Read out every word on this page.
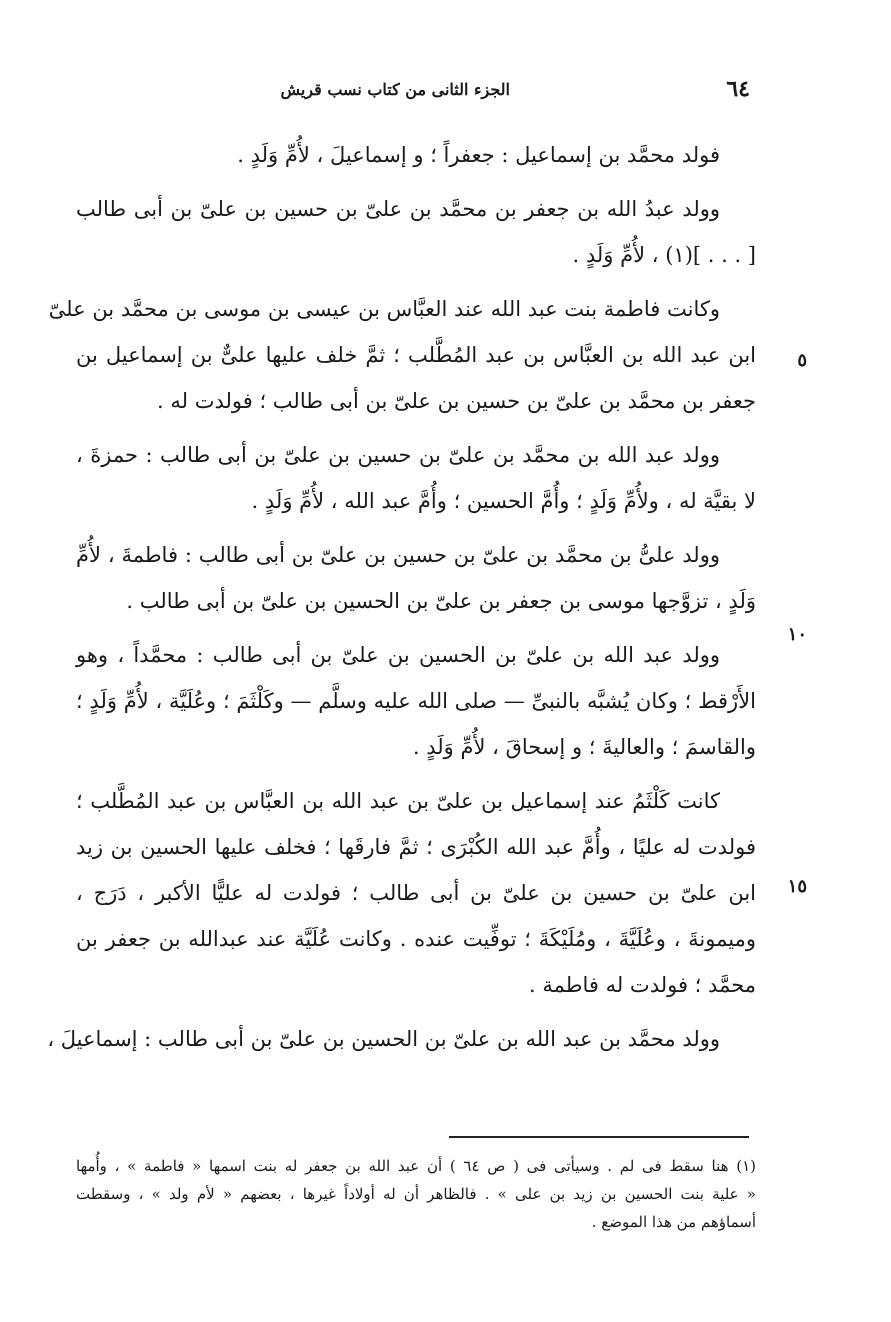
٦٤
الجزء الثانى من كتاب نسب قريش
٥
١٠
١٥

فولد محمَّد بن إسماعيل : جعفراً ؛ و إسماعيلَ ، لأُمِّ وَلَدٍ .

وولد عبدُ الله بن جعفر بن محمَّد بن علىّ بن حسين بن علىّ بن أبى طالب
[ . . . ](١) ، لأُمِّ وَلَدٍ .

وكانت فاطمة بنت عبد الله عند العبَّاس بن عيسى بن موسى بن محمَّد بن علىّ
ابن عبد الله بن العبَّاس بن عبد المُطَّلب ؛ ثمَّ خلف عليها علىٌّ بن إسماعيل بن
جعفر بن محمَّد بن علىّ بن حسين بن علىّ بن أبى طالب ؛ فولدت له .

وولد عبد الله بن محمَّد بن علىّ بن حسين بن علىّ بن أبى طالب : حمزةَ ،
لا بقيَّة له ، ولأُمِّ وَلَدٍ ؛ وأُمَّ الحسين ؛ وأُمَّ عبد الله ، لأُمِّ وَلَدٍ .

وولد علىُّ بن محمَّد بن علىّ بن حسين بن علىّ بن أبى طالب : فاطمةَ ، لأُمِّ
وَلَدٍ ، تزوَّجها موسى بن جعفر بن علىّ بن الحسين بن علىّ بن أبى طالب .

وولد عبد الله بن علىّ بن الحسين بن علىّ بن أبى طالب : محمَّداً ، وهو
الأَرْقط ؛ وكان يُشبَّه بالنبىِّ — صلى الله عليه وسلَّم — وكَلْثَمَ ؛ وعُلَيَّة ، لأُمِّ وَلَدٍ ؛
والقاسمَ ؛ والعاليةَ ؛ و إسحاقَ ، لأُمِّ وَلَدٍ .

كانت كَلْثَمُ عند إسماعيل بن علىّ بن عبد الله بن العبَّاس بن عبد المُطَّلب ؛
فولدت له عليًا ، وأُمَّ عبد الله الكُبْرَى ؛ ثمَّ فارقَها ؛ فخلف عليها الحسين بن زيد
ابن علىّ بن حسين بن علىّ بن أبى طالب ؛ فولدت له عليًّا الأكبر ، دَرَج ،
وميمونةَ ، وعُلَيَّةَ ، ومُلَيْكَةَ ؛ توفِّيت عنده . وكانت عُلَيَّة عند عبدالله بن جعفر بن
محمَّد ؛ فولدت له فاطمة .

وولد محمَّد بن عبد الله بن علىّ بن الحسين بن علىّ بن أبى طالب : إسماعيلَ ،

(١) هنا سقط فى لم . وسيأتى فى ( ص ٦٤ ) أن عبد الله بن جعفر له بنت اسمها « فاطمة » ، وأُمها
« علية بنت الحسين بن زيد بن على » . فالظاهر أن له أولاداً غيرها ، بعضهم « لأم ولد » ، وسقطت
أسماؤهم من هذا الموضع .
